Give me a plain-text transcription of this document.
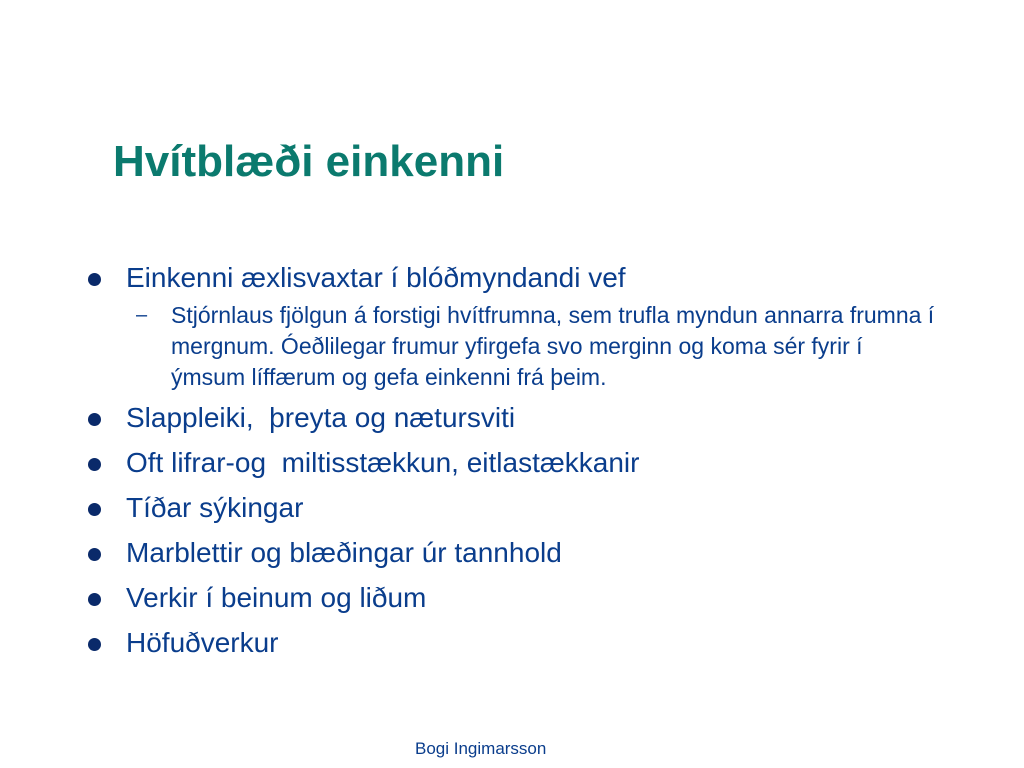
Hvítblæði einkenni
Einkenni æxlisvaxtar í blóðmyndandi vef
– Stjórnlaus fjölgun á forstigi hvítfrumna, sem trufla myndun annarra frumna í mergnum. Óeðlilegar frumur yfirgefa svo merginn og koma sér fyrir í ýmsum líffærum og gefa einkenni frá þeim.
Slappleiki,  þreyta og nætursviti
Oft lifrar-og  miltisstækkun, eitlastækkanir
Tíðar sýkingar
Marblettir og blæðingar úr tannhold
Verkir í beinum og liðum
Höfuðverkur
Bogi Ingimarsson
